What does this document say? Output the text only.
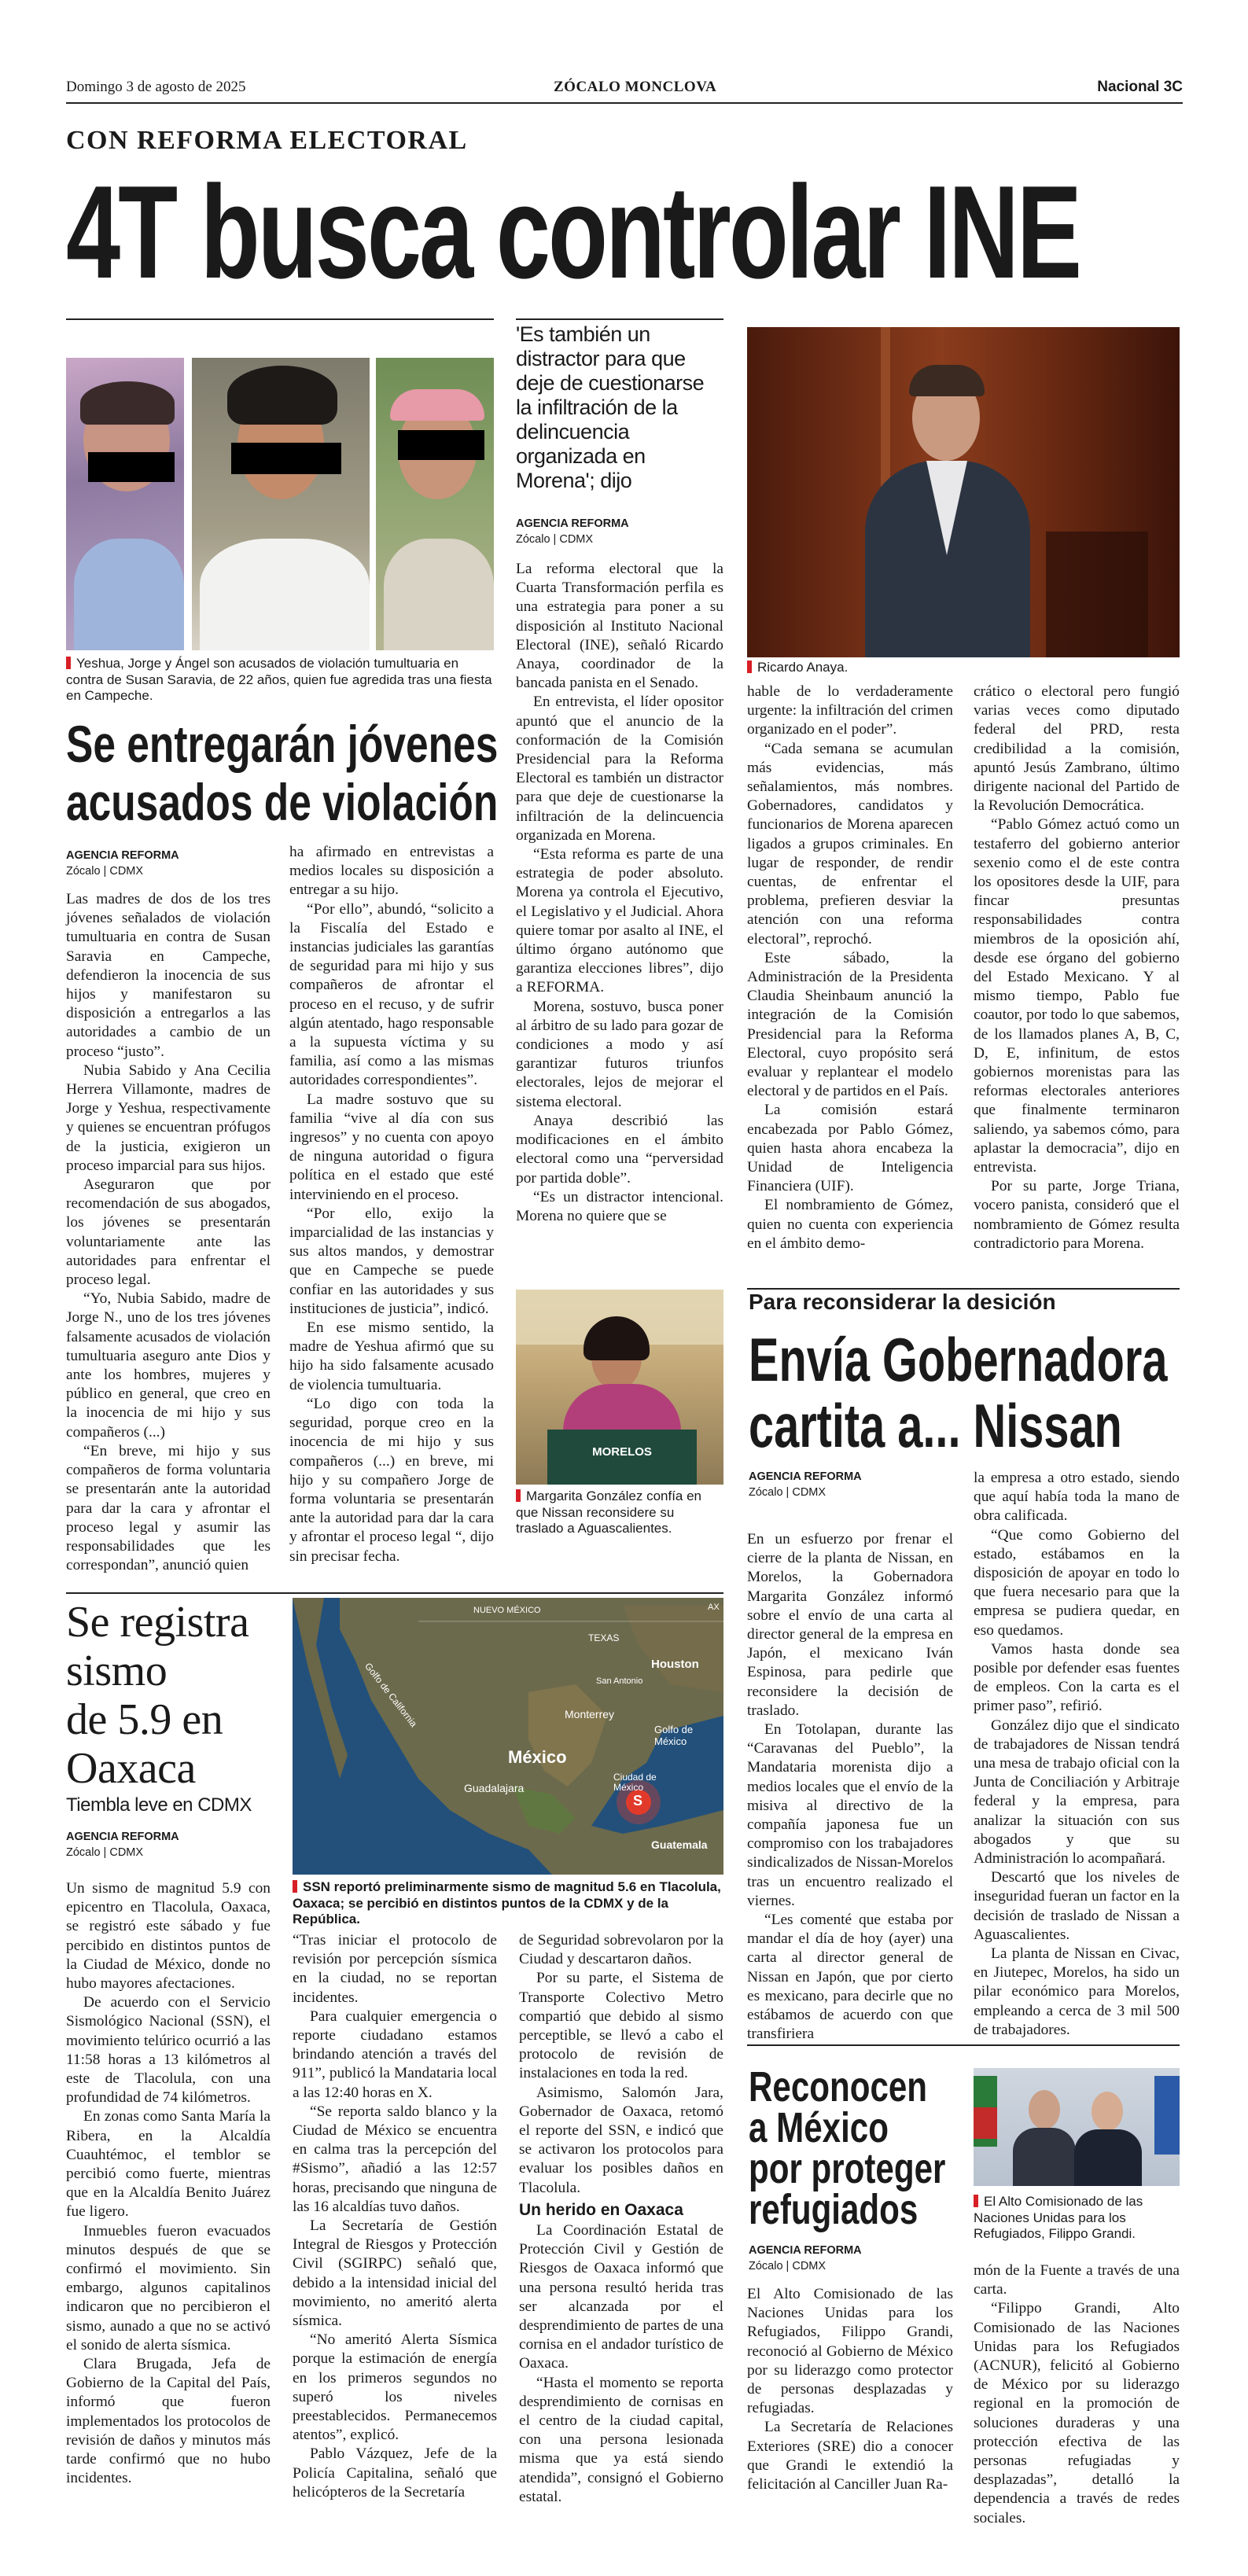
Domingo 3 de agosto de 2025	ZÓCALO MONCLOVA	Nacional 3C
CON REFORMA ELECTORAL
4T busca controlar INE
Yeshua, Jorge y Ángel son acusados de violación tumultuaria en contra de Susan Saravia, de 22 años, quien fue agredida tras una fiesta en Campeche.
Se entregarán jóvenes
acusados de violación
AGENCIA REFORMA
Zócalo | CDMX

Las madres de dos de los tres jóvenes señalados de violación tumultuaria en contra de Susan Saravia en Campeche, defendieron la inocencia de sus hijos y manifestaron su disposición a entregarlos a las autoridades a cambio de un proceso “justo”.

Nubia Sabido y Ana Cecilia Herrera Villamonte, madres de Jorge y Yeshua, respectivamente y quienes se encuentran prófugos de la justicia, exigieron un proceso imparcial para sus hijos.

Aseguraron que por recomendación de sus abogados, los jóvenes se presentarán voluntariamente ante las autoridades para enfrentar el proceso legal.

“Yo, Nubia Sabido, madre de Jorge N., uno de los tres jóvenes falsamente acusados de violación tumultuaria aseguro ante Dios y ante los hombres, mujeres y público en general, que creo en la inocencia de mi hijo y sus compañeros (...)

“En breve, mi hijo y sus compañeros de forma voluntaria se presentarán ante la autoridad para dar la cara y afrontar el proceso legal y asumir las responsabilidades que les correspondan”, anunció quien

ha afirmado en entrevistas a medios locales su disposición a entregar a su hijo.

“Por ello”, abundó, “solicito a la Fiscalía del Estado e instancias judiciales las garantías de seguridad para mi hijo y sus compañeros de afrontar el proceso en el recuso, y de sufrir algún atentado, hago responsable a la supuesta víctima y su familia, así como a las mismas autoridades correspondientes”.

La madre sostuvo que su familia “vive al día con sus ingresos” y no cuenta con apoyo de ninguna autoridad o figura política en el estado que esté interviniendo en el proceso.

“Por ello, exijo la imparcialidad de las instancias y sus altos mandos, y demostrar que en Campeche se puede confiar en las autoridades y sus instituciones de justicia”, indicó.

En ese mismo sentido, la madre de Yeshua afirmó que su hijo ha sido falsamente acusado de violencia tumultuaria.

“Lo digo con toda la seguridad, porque creo en la inocencia de mi hijo y sus compañeros (...) en breve, mi hijo y su compañero Jorge de forma voluntaria se presentarán ante la autoridad para dar la cara y afrontar el proceso legal “, dijo sin precisar fecha.

'Es también un distractor para que deje de cuestionarse la infiltración de la delincuencia organizada en Morena'; dijo
AGENCIA REFORMA
Zócalo | CDMX

La reforma electoral que la Cuarta Transformación perfila es una estrategia para poner a su disposición al Instituto Nacional Electoral (INE), señaló Ricardo Anaya, coordinador de la bancada panista en el Senado.

En entrevista, el líder opositor apuntó que el anuncio de la conformación de la Comisión Presidencial para la Reforma Electoral es también un distractor para que deje de cuestionarse la infiltración de la delincuencia organizada en Morena.

“Esta reforma es parte de una estrategia de poder absoluto. Morena ya controla el Ejecutivo, el Legislativo y el Judicial. Ahora quiere tomar por asalto al INE, el último órgano autónomo que garantiza elecciones libres”, dijo a REFORMA.

Morena, sostuvo, busca poner al árbitro de su lado para gozar de condiciones a modo y así garantizar futuros triunfos electorales, lejos de mejorar el sistema electoral.

Anaya describió las modificaciones en el ámbito electoral como una “perversidad por partida doble”.

“Es un distractor intencional. Morena no quiere que se

Ricardo Anaya.

hable de lo verdaderamente urgente: la infiltración del crimen organizado en el poder”.

“Cada semana se acumulan más evidencias, más señalamientos, más nombres. Gobernadores, candidatos y funcionarios de Morena aparecen ligados a grupos criminales. En lugar de responder, de rendir cuentas, de enfrentar el problema, prefieren desviar la atención con una reforma electoral”, reprochó.

Este sábado, la Administración de la Presidenta Claudia Sheinbaum anunció la integración de la Comisión Presidencial para la Reforma Electoral, cuyo propósito será evaluar y replantear el modelo electoral y de partidos en el País.

La comisión estará encabezada por Pablo Gómez, quien hasta ahora encabeza la Unidad de Inteligencia Financiera (UIF).

El nombramiento de Gómez, quien no cuenta con experiencia en el ámbito demo-

crático o electoral pero fungió varias veces como diputado federal del PRD, resta credibilidad a la comisión, apuntó Jesús Zambrano, último dirigente nacional del Partido de la Revolución Democrática.

“Pablo Gómez actuó como un testaferro del gobierno anterior sexenio como el de este contra los opositores desde la UIF, para fincar presuntas responsabilidades contra miembros de la oposición ahí, desde ese órgano del gobierno del Estado Mexicano. Y al mismo tiempo, Pablo fue coautor, por todo lo que sabemos, de los llamados planes A, B, C, D, E, infinitum, de estos gobiernos morenistas para las reformas electorales anteriores que finalmente terminaron saliendo, ya sabemos cómo, para aplastar la democracia”, dijo en entrevista.

Por su parte, Jorge Triana, vocero panista, consideró que el nombramiento de Gómez resulta contradictorio para Morena.

MORELOS
Margarita González confía en que Nissan reconsidere su traslado a Aguascalientes.
Para reconsiderar la desición
Envía Gobernadora
cartita a... Nissan
AGENCIA REFORMA
Zócalo | CDMX

En un esfuerzo por frenar el cierre de la planta de Nissan, en Morelos, la Gobernadora Margarita González informó sobre el envío de una carta al director general de la empresa en Japón, el mexicano Iván Espinosa, para pedirle que reconsidere la decisión de traslado.

En Totolapan, durante las “Caravanas del Pueblo”, la Mandataria morenista dijo a medios locales que el envío de la misiva al directivo de la compañía japonesa fue un compromiso con los trabajadores sindicalizados de Nissan-Morelos tras un encuentro realizado el viernes.

“Les comenté que estaba por mandar el día de hoy (ayer) una carta al director general de Nissan en Japón, que por cierto es mexicano, para decirle que no estábamos de acuerdo con que transfiriera

la empresa a otro estado, siendo que aquí había toda la mano de obra calificada.

“Que como Gobierno del estado, estábamos en la disposición de apoyar en todo lo que fuera necesario para que la empresa se pudiera quedar, en eso quedamos.

Vamos hasta donde sea posible por defender esas fuentes de empleos. Con la carta es el primer paso”, refirió.

González dijo que el sindicato de trabajadores de Nissan tendrá una mesa de trabajo oficial con la Junta de Conciliación y Arbitraje federal y la empresa, para analizar la situación con sus abogados y que su Administración lo acompañará.

Descartó que los niveles de inseguridad fueran un factor en la decisión de traslado de Nissan a Aguascalientes.

La planta de Nissan en Civac, en Jiutepec, Morelos, ha sido un pilar económico para Morelos, empleando a cerca de 3 mil 500 de trabajadores.

Se registra
sismo
de 5.9 en
Oaxaca
Tiembla leve en CDMX
AGENCIA REFORMA
Zócalo | CDMX
S
NUEVO MÉXICO
TEXAS
Houston
San Antonio
Golfo de California	Monterrey
Golfo de México
México
Guadalajara
Ciudad de México
Guatemala
AX
SSN reportó preliminarmente sismo de magnitud 5.6 en Tlacolula, Oaxaca; se percibió en distintos puntos de la CDMX y de la República.

Un sismo de magnitud 5.9 con epicentro en Tlacolula, Oaxaca, se registró este sábado y fue percibido en distintos puntos de la Ciudad de México, donde no hubo mayores afectaciones.

De acuerdo con el Servicio Sismológico Nacional (SSN), el movimiento telúrico ocurrió a las 11:58 horas a 13 kilómetros al este de Tlacolula, con una profundidad de 74 kilómetros.

En zonas como Santa María la Ribera, en la Alcaldía Cuauhtémoc, el temblor se percibió como fuerte, mientras que en la Alcaldía Benito Juárez fue ligero.

Inmuebles fueron evacuados minutos después de que se confirmó el movimiento. Sin embargo, algunos capitalinos indicaron que no percibieron el sismo, aunado a que no se activó el sonido de alerta sísmica.

Clara Brugada, Jefa de Gobierno de la Capital del País, informó que fueron implementados los protocolos de revisión de daños y minutos más tarde confirmó que no hubo incidentes.

“Tras iniciar el protocolo de revisión por percepción sísmica en la ciudad, no se reportan incidentes.

Para cualquier emergencia o reporte ciudadano estamos brindando atención a través del 911”, publicó la Mandataria local a las 12:40 horas en X.

“Se reporta saldo blanco y la Ciudad de México se encuentra en calma tras la percepción del #Sismo”, añadió a las 12:57 horas, precisando que ninguna de las 16 alcaldías tuvo daños.

La Secretaría de Gestión Integral de Riesgos y Protección Civil (SGIRPC) señaló que, debido a la intensidad inicial del movimiento, no ameritó alerta sísmica.

“No ameritó Alerta Sísmica porque la estimación de energía en los primeros segundos no superó los niveles preestablecidos. Permanecemos atentos”, explicó.

Pablo Vázquez, Jefe de la Policía Capitalina, señaló que helicópteros de la Secretaría

de Seguridad sobrevolaron por la Ciudad y descartaron daños.

Por su parte, el Sistema de Transporte Colectivo Metro compartió que debido al sismo perceptible, se llevó a cabo el protocolo de revisión de instalaciones en toda la red.

Asimismo, Salomón Jara, Gobernador de Oaxaca, retomó el reporte del SSN, e indicó que se activaron los protocolos para evaluar los posibles daños en Tlacolula.

Un herido en Oaxaca

La Coordinación Estatal de Protección Civil y Gestión de Riesgos de Oaxaca informó que una persona resultó herida tras ser alcanzada por el desprendimiento de partes de una cornisa en el andador turístico de Oaxaca.

“Hasta el momento se reporta desprendimiento de cornisas en el centro de la ciudad capital, con una persona lesionada misma que ya está siendo atendida”, consignó el Gobierno estatal.

Reconocen
a México
por proteger
refugiados
AGENCIA REFORMA
Zócalo | CDMX
El Alto Comisionado de las Naciones Unidas para los Refugiados, Filippo Grandi.

El Alto Comisionado de las Naciones Unidas para los Refugiados, Filippo Grandi, reconoció al Gobierno de México por su liderazgo como protector de personas desplazadas y refugiadas.

La Secretaría de Relaciones Exteriores (SRE) dio a conocer que Grandi le extendió la felicitación al Canciller Juan Ra-

món de la Fuente a través de una carta.

“Filippo Grandi, Alto Comisionado de las Naciones Unidas para los Refugiados (ACNUR), felicitó al Gobierno de México por su liderazgo regional en la promoción de soluciones duraderas y una protección efectiva de las personas refugiadas y desplazadas”, detalló la dependencia a través de redes sociales.
